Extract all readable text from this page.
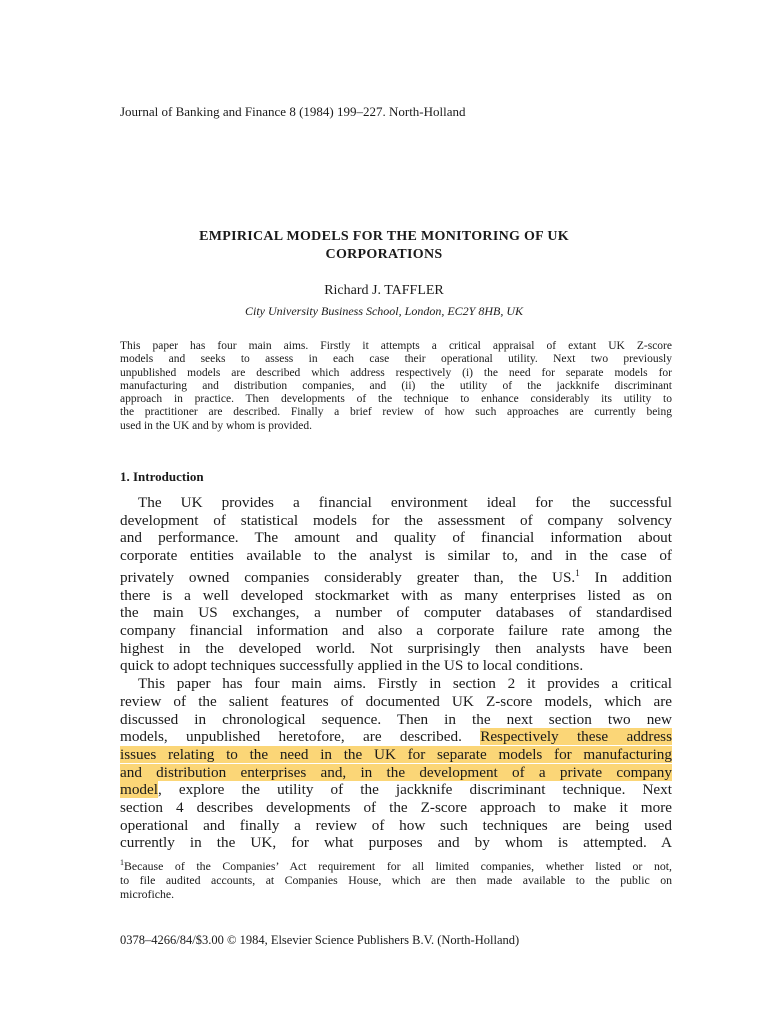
Journal of Banking and Finance 8 (1984) 199–227. North-Holland
EMPIRICAL MODELS FOR THE MONITORING OF UK
CORPORATIONS
Richard J. TAFFLER
City University Business School, London, EC2Y 8HB, UK
This paper has four main aims. Firstly it attempts a critical appraisal of extant UK Z-score
models and seeks to assess in each case their operational utility. Next two previously
unpublished models are described which address respectively (i) the need for separate models for
manufacturing and distribution companies, and (ii) the utility of the jackknife discriminant
approach in practice. Then developments of the technique to enhance considerably its utility to
the practitioner are described. Finally a brief review of how such approaches are currently being
used in the UK and by whom is provided.
1. Introduction
The UK provides a financial environment ideal for the successful
development of statistical models for the assessment of company solvency
and performance. The amount and quality of financial information about
corporate entities available to the analyst is similar to, and in the case of
privately owned companies considerably greater than, the US.$^1$ In addition
there is a well developed stockmarket with as many enterprises listed as on
the main US exchanges, a number of computer databases of standardised
company financial information and also a corporate failure rate among the
highest in the developed world. Not surprisingly then analysts have been
quick to adopt techniques successfully applied in the US to local conditions.
This paper has four main aims. Firstly in section 2 it provides a critical
review of the salient features of documented UK Z-score models, which are
discussed in chronological sequence. Then in the next section two new
models, unpublished heretofore, are described. Respectively these address
issues relating to the need in the UK for separate models for manufacturing
and distribution enterprises and, in the development of a private company
model, explore the utility of the jackknife discriminant technique. Next
section 4 describes developments of the Z-score approach to make it more
operational and finally a review of how such techniques are being used
currently in the UK, for what purposes and by whom is attempted. A
$^1$Because of the Companies’ Act requirement for all limited companies, whether listed or not,
to file audited accounts, at Companies House, which are then made available to the public on
microfiche.
0378–4266/84/$3.00 © 1984, Elsevier Science Publishers B.V. (North-Holland)
